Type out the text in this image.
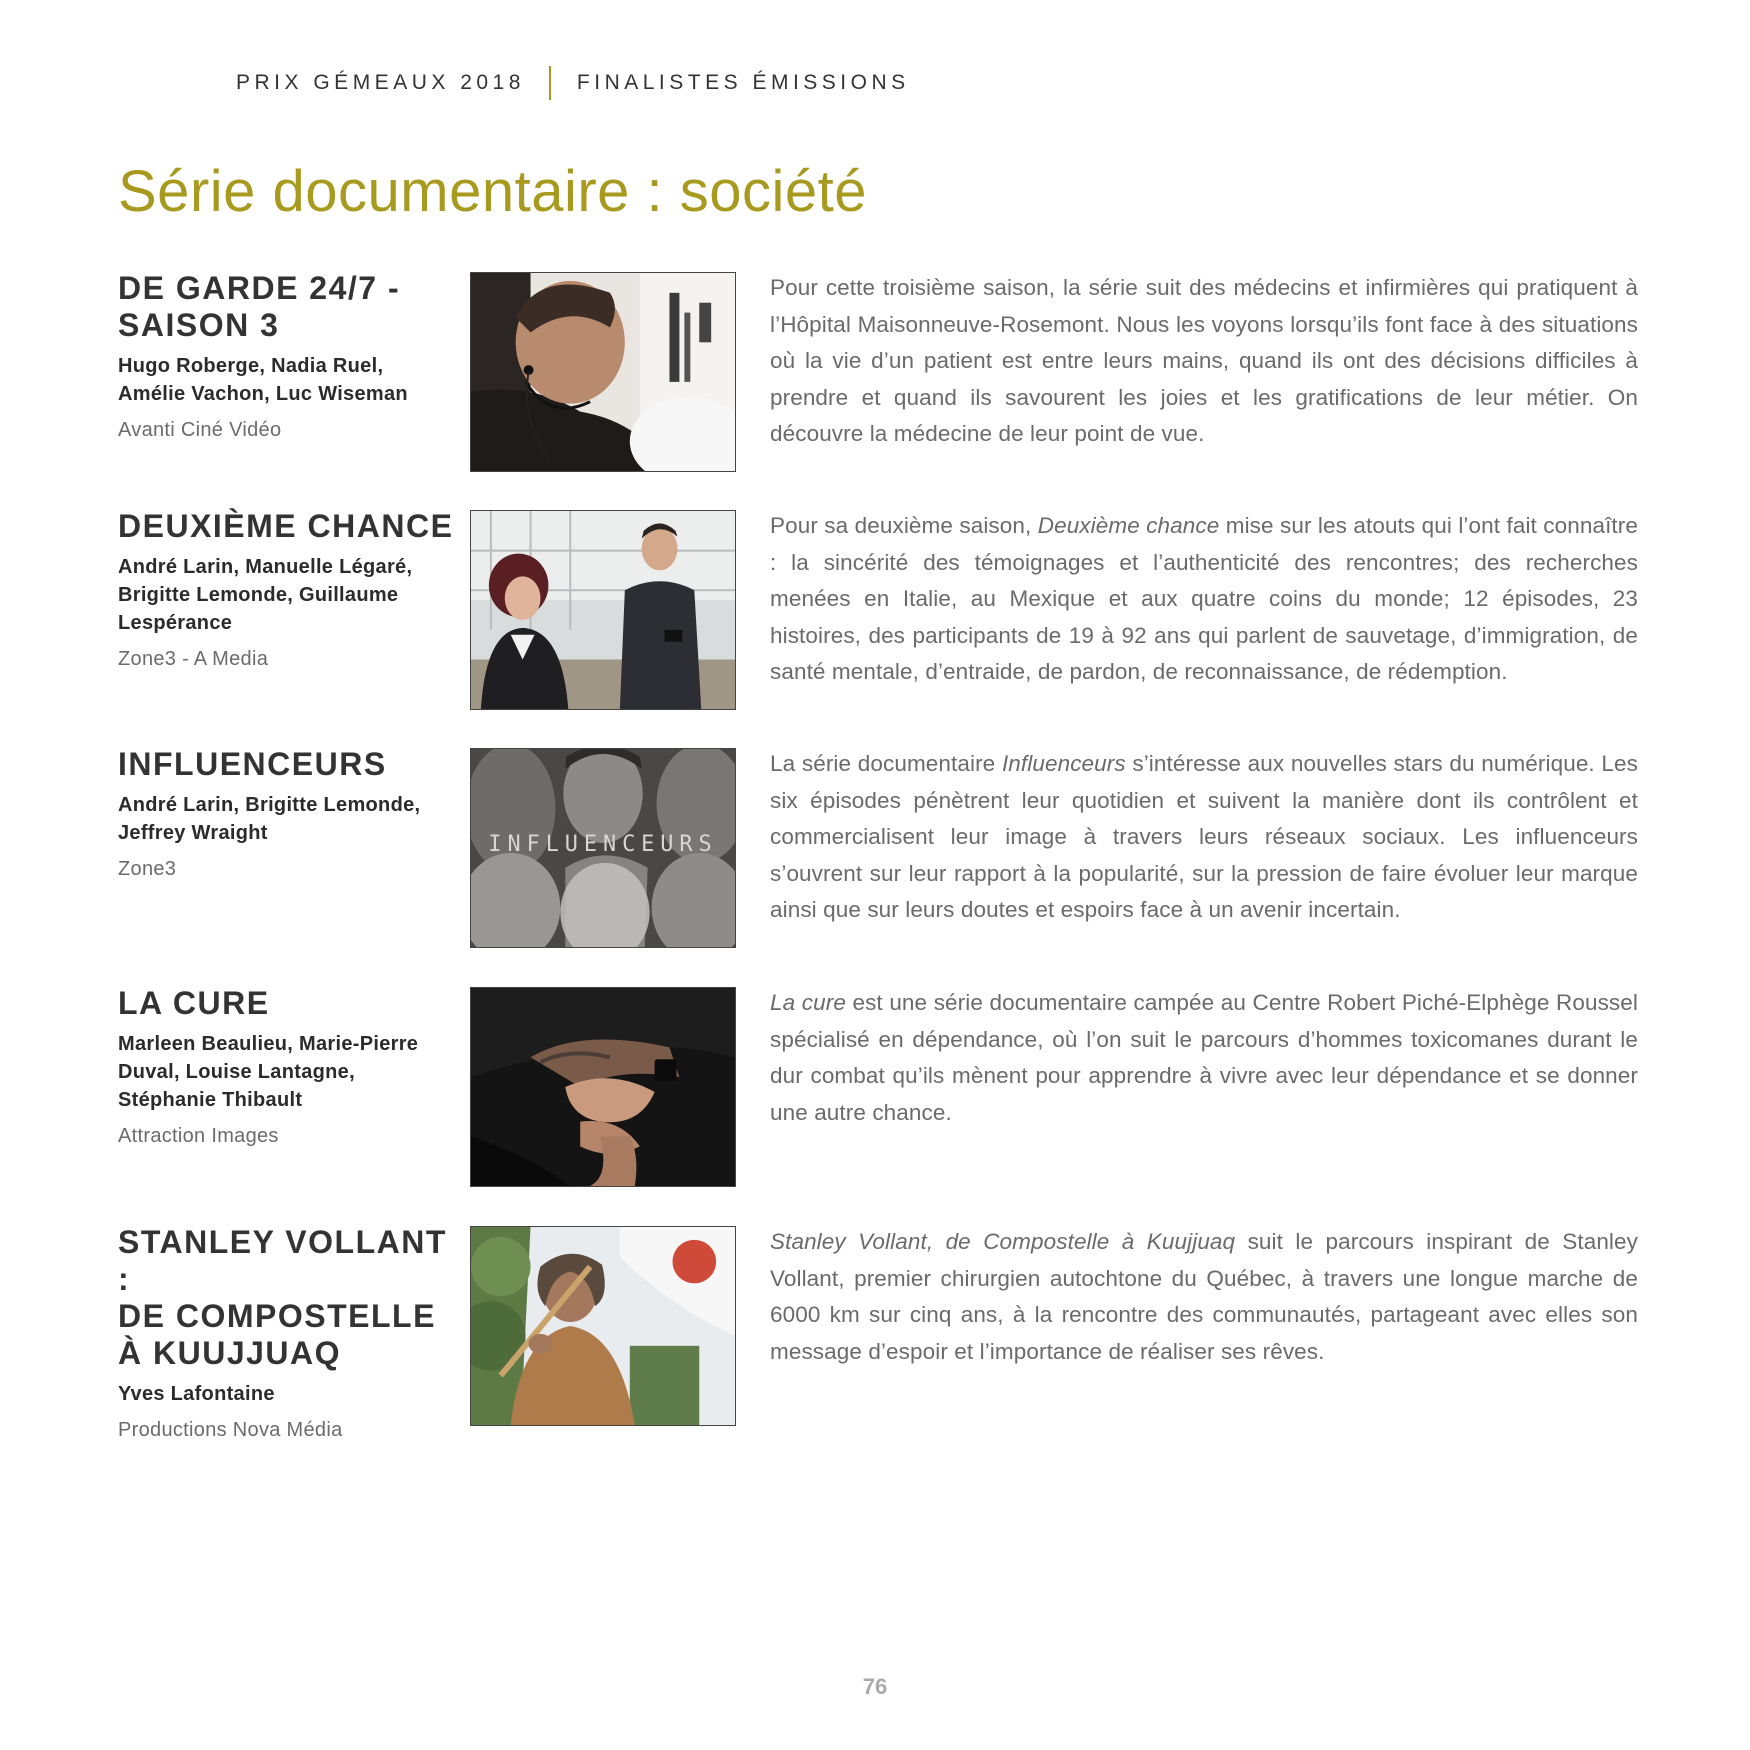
PRIX GÉMEAUX 2018 FINALISTES ÉMISSIONS
Série documentaire : société
DE GARDE 24/7 -
SAISON 3
Hugo Roberge, Nadia Ruel,
Amélie Vachon, Luc Wiseman
Avanti Ciné Vidéo

Pour cette troisième saison, la série suit des médecins et infirmières qui pratiquent à l’Hôpital Maisonneuve-Rosemont. Nous les voyons lorsqu’ils font face à des situations où la vie d’un patient est entre leurs mains, quand ils ont des décisions difficiles à prendre et quand ils savourent les joies et les gratifications de leur métier. On découvre la médecine de leur point de vue.

DEUXIÈME CHANCE
André Larin, Manuelle Légaré,
Brigitte Lemonde, Guillaume
Lespérance
Zone3 - A Media

Pour sa deuxième saison, Deuxième chance mise sur les atouts qui l’ont fait connaître : la sincérité des témoignages et l’authenticité des rencontres; des recherches menées en Italie, au Mexique et aux quatre coins du monde; 12 épisodes, 23 histoires, des participants de 19 à 92 ans qui parlent de sauvetage, d’immigration, de santé mentale, d’entraide, de pardon, de reconnaissance, de rédemption.

INFLUENCEURS
André Larin, Brigitte Lemonde,
Jeffrey Wraight
Zone3
INFLUENCEURS

La série documentaire Influenceurs s’intéresse aux nouvelles stars du numérique. Les six épisodes pénètrent leur quotidien et suivent la manière dont ils contrôlent et commercialisent leur image à travers leurs réseaux sociaux. Les influenceurs s’ouvrent sur leur rapport à la popularité, sur la pression de faire évoluer leur marque ainsi que sur leurs doutes et espoirs face à un avenir incertain.

LA CURE
Marleen Beaulieu, Marie-Pierre
Duval, Louise Lantagne,
Stéphanie Thibault
Attraction Images

La cure est une série documentaire campée au Centre Robert Piché-Elphège Roussel spécialisé en dépendance, où l’on suit le parcours d’hommes toxicomanes durant le dur combat qu’ils mènent pour apprendre à vivre avec leur dépendance et se donner une autre chance.

STANLEY VOLLANT :
DE COMPOSTELLE
À KUUJJUAQ
Yves Lafontaine
Productions Nova Média

Stanley Vollant, de Compostelle à Kuujjuaq suit le parcours inspirant de Stanley Vollant, premier chirurgien autochtone du Québec, à travers une longue marche de 6000 km sur cinq ans, à la rencontre des communautés, partageant avec elles son message d’espoir et l’importance de réaliser ses rêves.

76
